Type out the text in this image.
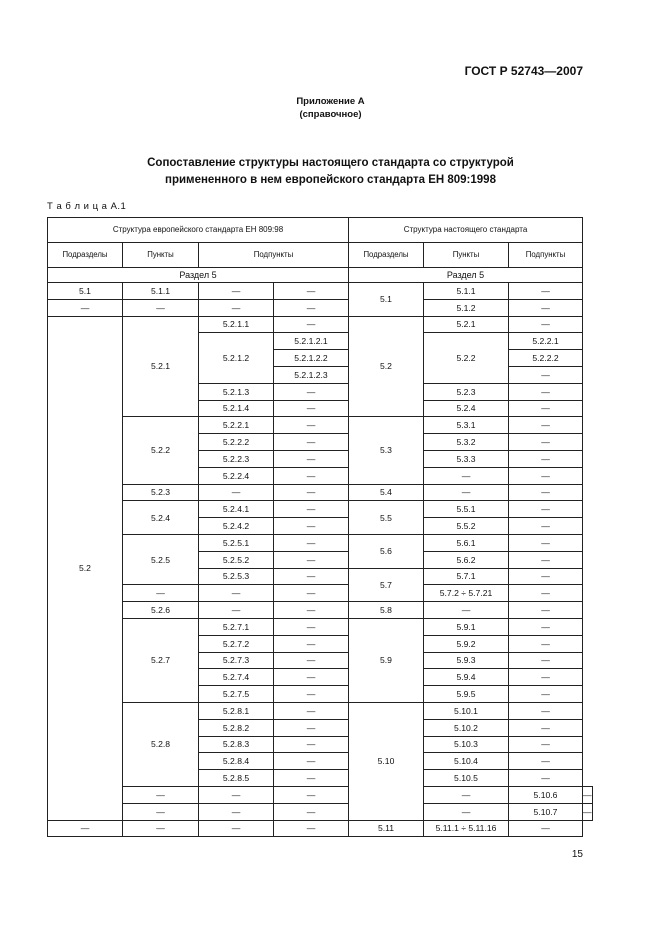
ГОСТ Р 52743—2007
Приложение А
(справочное)
Сопоставление структуры настоящего стандарта со структурой
примененного в нем европейского стандарта ЕН 809:1998
Т а б л и ц а А.1
Структура европейского стандарта ЕН 809:98				Структура настоящего стандарта			
Подразделы	Пункты	Подпункты		Подразделы	Пункты	Подпункты	
Раздел 5				Раздел 5			
5.1	5.1.1	—	—	5.1	5.1.1	—	
—	—	—	—		5.1.2	—	
5.2	5.2.1	5.2.1.1	—	5.2	5.2.1	—	
		5.2.1.2	5.2.1.2.1		5.2.2	5.2.2.1	
			5.2.1.2.2			5.2.2.2	
			5.2.1.2.3			—	
		5.2.1.3	—		5.2.3	—	
		5.2.1.4	—		5.2.4	—	
	5.2.2	5.2.2.1	—	5.3	5.3.1	—	
		5.2.2.2	—		5.3.2	—	
		5.2.2.3	—		5.3.3	—	
		5.2.2.4	—		—	—	
	5.2.3	—	—	5.4	—	—	
	5.2.4	5.2.4.1	—	5.5	5.5.1	—	
		5.2.4.2	—		5.5.2	—	
	5.2.5	5.2.5.1	—	5.6	5.6.1	—	
		5.2.5.2	—		5.6.2	—	
		5.2.5.3	—	5.7	5.7.1	—	
	—	—	—		5.7.2 ÷ 5.7.21	—	
	5.2.6	—	—	5.8	—	—	
	5.2.7	5.2.7.1	—	5.9	5.9.1	—	
		5.2.7.2	—		5.9.2	—	
		5.2.7.3	—		5.9.3	—	
		5.2.7.4	—		5.9.4	—	
		5.2.7.5	—		5.9.5	—	
	5.2.8	5.2.8.1	—	5.10	5.10.1	—	
		5.2.8.2	—		5.10.2	—	
		5.2.8.3	—		5.10.3	—	
		5.2.8.4	—		5.10.4	—	
		5.2.8.5	—		5.10.5	—	
	—	—	—		—	5.10.6	—
	—	—	—		—	5.10.7	—
—	—	—	—	5.11	5.11.1 ÷ 5.11.16	—	
15
